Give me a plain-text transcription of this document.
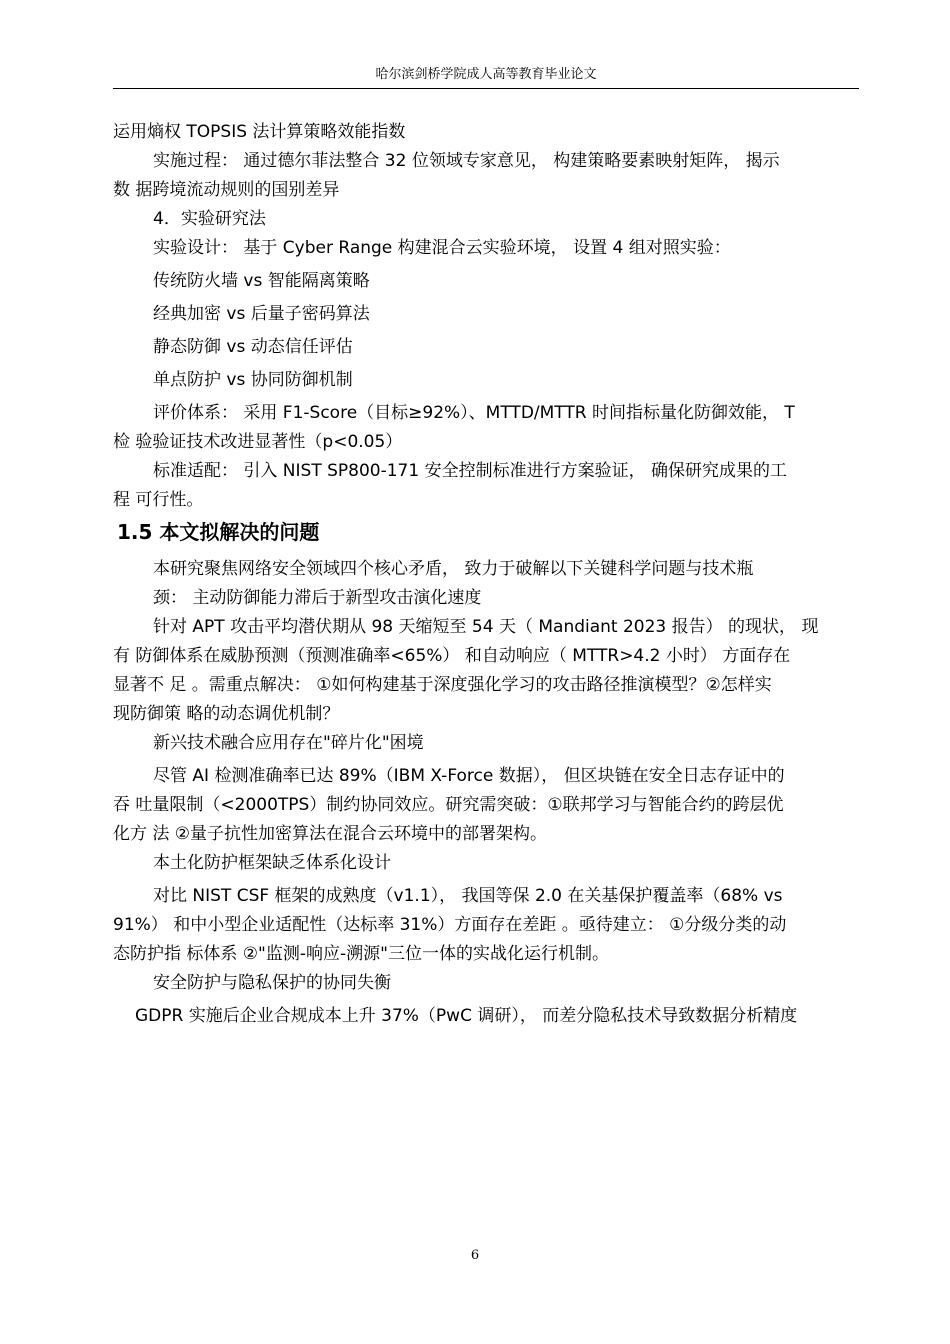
哈尔滨剑桥学院成人高等教育毕业论文
运用熵权 TOPSIS 法计算策略效能指数
实施过程： 通过德尔菲法整合 32 位领域专家意见， 构建策略要素映射矩阵， 揭示
数 据跨境流动规则的国别差异
4．实验研究法
实验设计： 基于 Cyber Range 构建混合云实验环境， 设置 4 组对照实验：
传统防火墙 vs 智能隔离策略
经典加密 vs 后量子密码算法
静态防御 vs 动态信任评估
单点防护 vs 协同防御机制
评价体系： 采用 F1-Score（目标≥92%）、MTTD/MTTR 时间指标量化防御效能， T
检 验验证技术改进显著性（p<0.05）
标准适配： 引入 NIST SP800-171 安全控制标准进行方案验证， 确保研究成果的工
程 可行性。
1.5 本文拟解决的问题
本研究聚焦网络安全领域四个核心矛盾， 致力于破解以下关键科学问题与技术瓶
颈： 主动防御能力滞后于新型攻击演化速度
针对 APT 攻击平均潜伏期从 98 天缩短至 54 天（ Mandiant 2023 报告） 的现状， 现
有 防御体系在威胁预测（预测准确率<65%） 和自动响应（ MTTR>4.2 小时） 方面存在
显著不 足 。需重点解决： ①如何构建基于深度强化学习的攻击路径推演模型？②怎样实
现防御策 略的动态调优机制？
新兴技术融合应用存在"碎片化"困境
尽管 AI 检测准确率已达 89%（IBM X-Force 数据）， 但区块链在安全日志存证中的
吞 吐量限制（<2000TPS）制约协同效应。研究需突破：①联邦学习与智能合约的跨层优
化方 法 ②量子抗性加密算法在混合云环境中的部署架构。
本土化防护框架缺乏体系化设计
对比 NIST CSF 框架的成熟度（v1.1）， 我国等保 2.0 在关基保护覆盖率（68% vs
91%） 和中小型企业适配性（达标率 31%）方面存在差距 。亟待建立： ①分级分类的动
态防护指 标体系 ②"监测-响应-溯源"三位一体的实战化运行机制。
安全防护与隐私保护的协同失衡
GDPR 实施后企业合规成本上升 37%（PwC 调研）， 而差分隐私技术导致数据分析精度
6
